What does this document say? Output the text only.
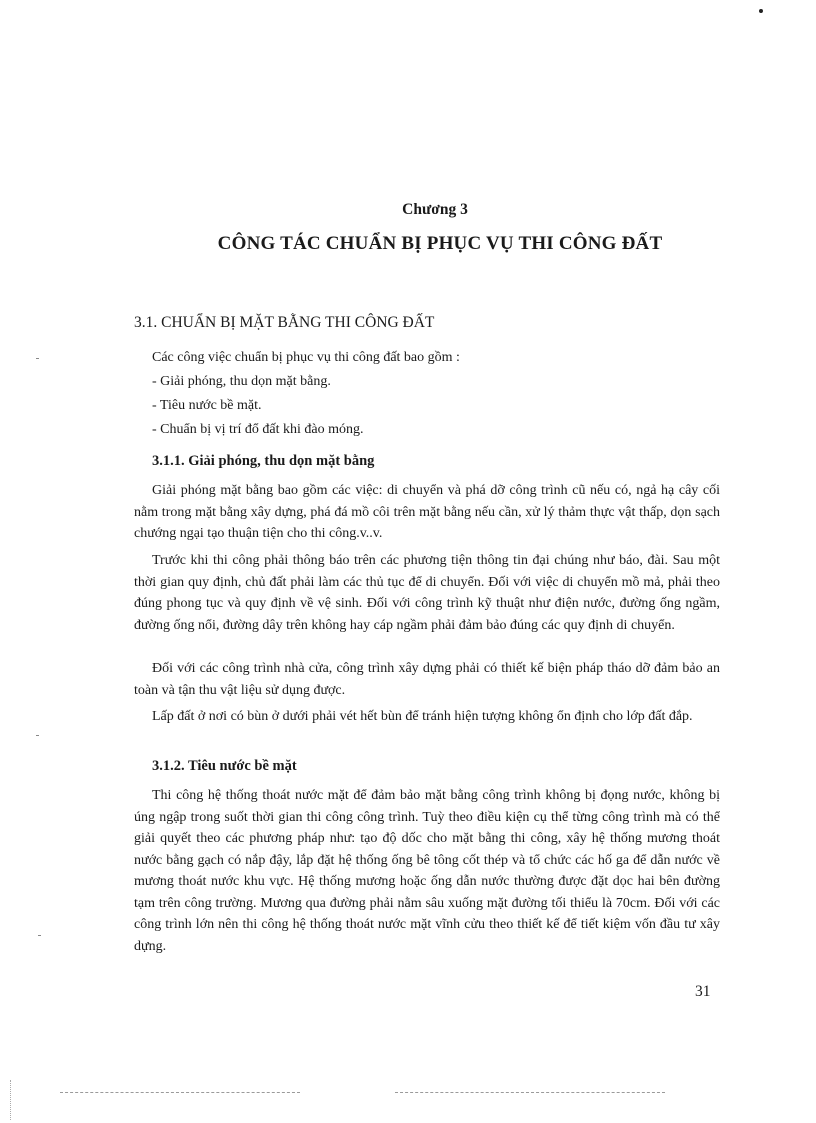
Chương 3
CÔNG TÁC CHUẨN BỊ PHỤC VỤ THI CÔNG ĐẤT
3.1. CHUẨN BỊ MẶT BẰNG THI CÔNG ĐẤT

Các công việc chuẩn bị phục vụ thi công đất bao gồm :

- Giải phóng, thu dọn mặt bằng.

- Tiêu nước bề mặt.

- Chuẩn bị vị trí đổ đất khi đào móng.

3.1.1. Giải phóng, thu dọn mặt bằng

Giải phóng mặt bằng bao gồm các việc: di chuyển và phá dỡ công trình cũ nếu có, ngả hạ cây cối nằm trong mặt bằng xây dựng, phá đá mồ côi trên mặt bằng nếu cần, xử lý thảm thực vật thấp, dọn sạch chướng ngại tạo thuận tiện cho thi công.v..v.

Trước khi thi công phải thông báo trên các phương tiện thông tin đại chúng như báo, đài. Sau một thời gian quy định, chủ đất phải làm các thủ tục để di chuyển. Đối với việc di chuyển mồ mả, phải theo đúng phong tục và quy định về vệ sinh. Đối với công trình kỹ thuật như điện nước, đường ống ngầm, đường ống nổi, đường dây trên không hay cáp ngầm phải đảm bảo đúng các quy định di chuyển.

Đối với các công trình nhà cửa, công trình xây dựng phải có thiết kế biện pháp tháo dỡ đảm bảo an toàn và tận thu vật liệu sử dụng được.

Lấp đất ở nơi có bùn ở dưới phải vét hết bùn để tránh hiện tượng không ổn định cho lớp đất đắp.

3.1.2. Tiêu nước bề mặt

Thi công hệ thống thoát nước mặt để đảm bảo mặt bằng công trình không bị đọng nước, không bị úng ngập trong suốt thời gian thi công công trình. Tuỳ theo điều kiện cụ thể từng công trình mà có thể giải quyết theo các phương pháp như: tạo độ dốc cho mặt bằng thi công, xây hệ thống mương thoát nước bằng gạch có nắp đậy, lắp đặt hệ thống ống bê tông cốt thép và tổ chức các hố ga để dẫn nước về mương thoát nước khu vực. Hệ thống mương hoặc ống dẫn nước thường được đặt dọc hai bên đường tạm trên công trường. Mương qua đường phải nằm sâu xuống mặt đường tối thiểu là 70cm. Đối với các công trình lớn nên thi công hệ thống thoát nước mặt vĩnh cửu theo thiết kế để tiết kiệm vốn đầu tư xây dựng.

31
